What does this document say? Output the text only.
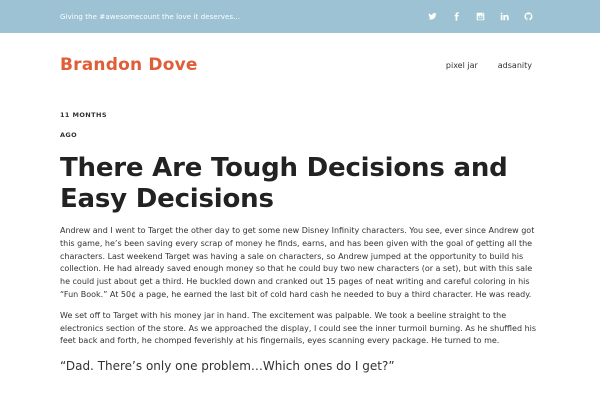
Giving the #awesomecount the love it deserves...
Brandon Dove	pixel jar	adsanity
11 MONTHS
AGO
There Are Tough Decisions and Easy Decisions

Andrew and I went to Target the other day to get some new Disney Infinity characters. You see, ever since Andrew got this game, he’s been saving every scrap of money he finds, earns, and has been given with the goal of getting all the characters. Last weekend Target was having a sale on characters, so Andrew jumped at the opportunity to build his collection. He had already saved enough money so that he could buy two new characters (or a set), but with this sale he could just about get a third. He buckled down and cranked out 15 pages of neat writing and careful coloring in his “Fun Book.” At 50¢ a page, he earned the last bit of cold hard cash he needed to buy a third character. He was ready.

We set off to Target with his money jar in hand. The excitement was palpable. We took a beeline straight to the electronics section of the store. As we approached the display, I could see the inner turmoil burning. As he shuffled his feet back and forth, he chomped feverishly at his fingernails, eyes scanning every package. He turned to me.

“Dad. There’s only one problem…Which ones do I get?”
